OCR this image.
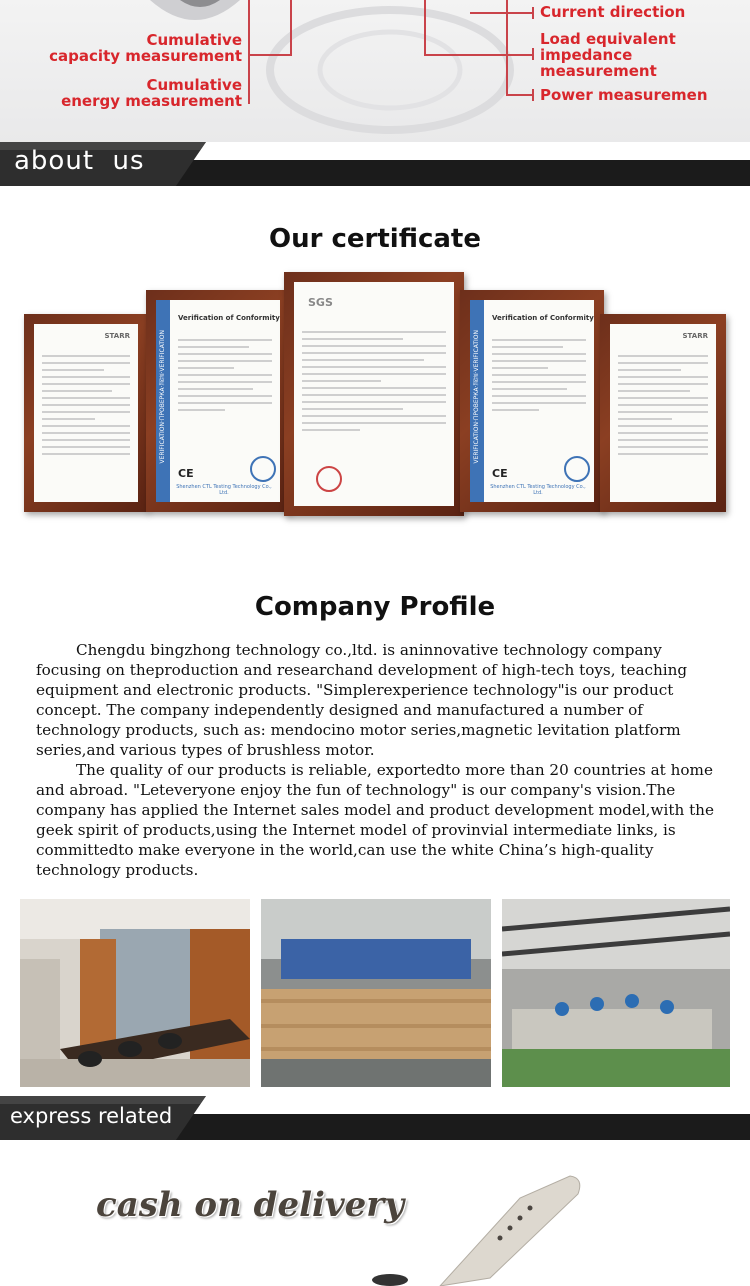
Cumulative
capacity measurement
Cumulative
energy measurement
Current direction
Load equivalent
impedance
measurement
Power measuremen
about  us
Our certificate
STARR	VERIFICATION·ПРОВЕРКА·認証·VERIFICATION
Verification of Conformity
CE
Shenzhen CTL Testing Technology Co., Ltd.
SGS
VERIFICATION·ПРОВЕРКА·認証·VERIFICATION
Verification of Conformity
CE
Shenzhen CTL Testing Technology Co., Ltd.
STARR
Company Profile

Chengdu bingzhong technology co.,ltd. is aninnovative technology company focusing on theproduction and researchand development of high-tech toys, teaching equipment and electronic products. "Simplerexperience technology"is our product concept. The company independently designed and manufactured a number of technology products, such as: mendocino motor series,magnetic levitation platform series,and various types of brushless motor.

The quality of our products is reliable, exportedto more than 20 countries at home and abroad. "Leteveryone enjoy the fun of technology" is our company's vision.The company has applied the Internet sales model and product development model,with the geek spirit of products,using the Internet model of provinvial intermediate links, is committedto make everyone in the world,can use the white China’s high-quality technology products.

express related
cash on delivery
